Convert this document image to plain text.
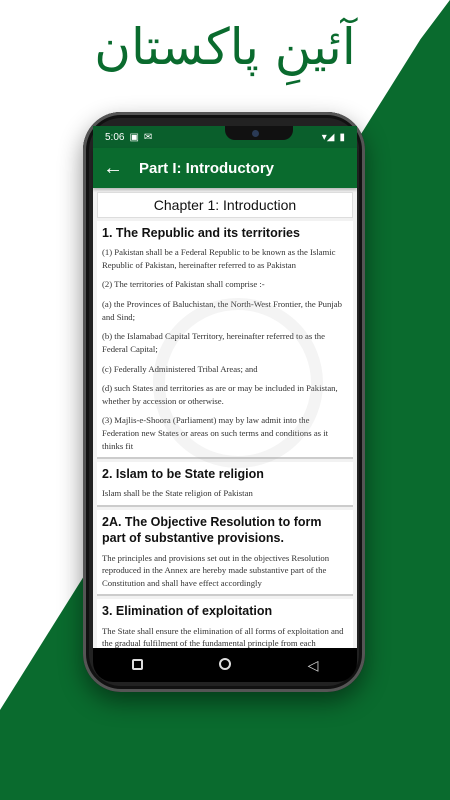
آئینِ پاکستان
5:06 ▣ ✉	▾◢ ▮
← Part I: Introductory
Chapter 1: Introduction
1. The Republic and its territories

(1) Pakistan shall be a Federal Republic to be known as the Islamic Republic of Pakistan, hereinafter referred to as Pakistan

(2) The territories of Pakistan shall comprise :-

(a) the Provinces of Baluchistan, the North-West Frontier, the Punjab and Sind;

(b) the Islamabad Capital Territory, hereinafter referred to as the Federal Capital;

(c) Federally Administered Tribal Areas; and

(d) such States and territories as are or may be included in Pakistan, whether by accession or otherwise.

(3) Majlis-e-Shoora (Parliament) may by law admit into the Federation new States or areas on such terms and conditions as it thinks fit

2. Islam to be State religion

Islam shall be the State religion of Pakistan

2A. The Objective Resolution to form part of substantive provisions.

The principles and provisions set out in the objectives Resolution reproduced in the Annex are hereby made substantive part of the Constitution and shall have effect accordingly

3. Elimination of exploitation

The State shall ensure the elimination of all forms of exploitation and the gradual fulfilment of the fundamental principle from each

◁
